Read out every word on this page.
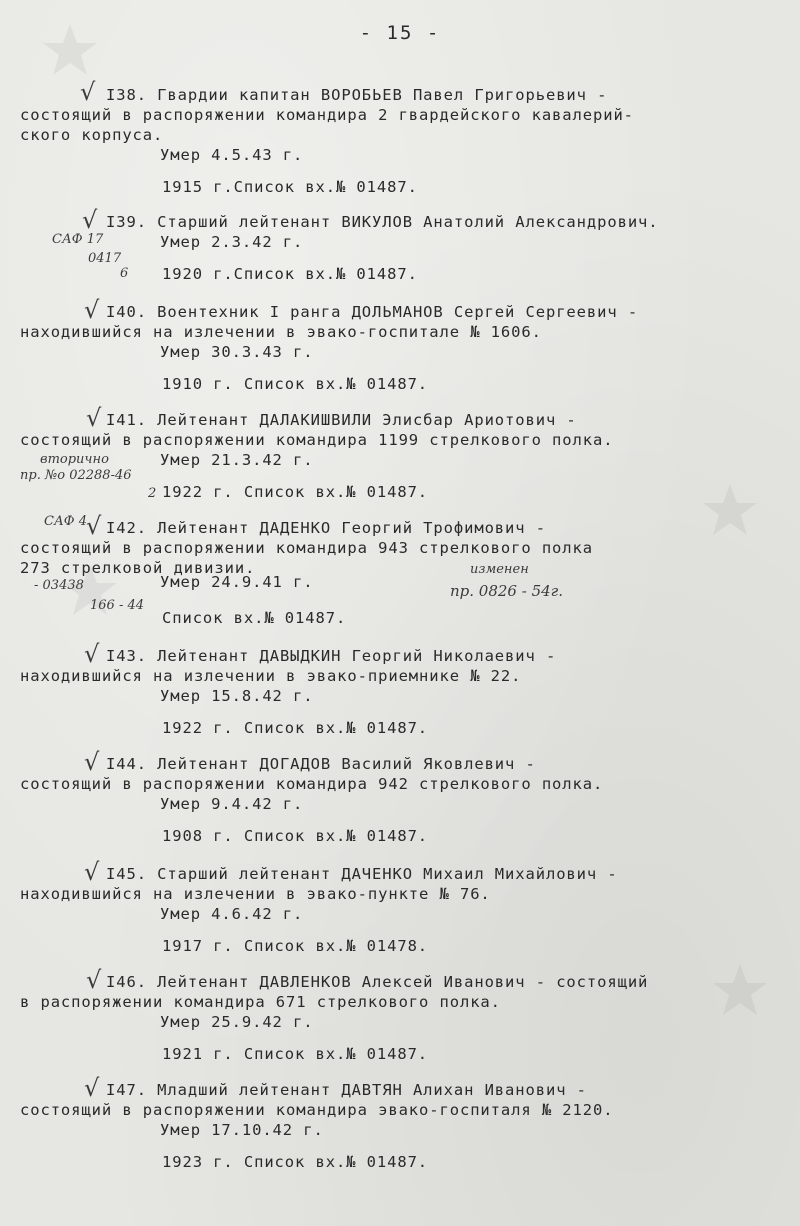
- 15 -
√ I38. Гвардии капитан ВОРОБЬЕВ Павел Григорьевич -
состоящий в распоряжении командира 2 гвардейского кавалерий-
ского корпуса.
Умер 4.5.43 г.
1915 г.Список вх.№ 01487.
√ I39. Старший лейтенант ВИКУЛОВ Анатолий Александрович.
Умер 2.3.42 г.
1920 г.Список вх.№ 01487.
САФ 17
0417
6
√ I40. Воентехник I ранга ДОЛЬМАНОВ Сергей Сергеевич -
находившийся на излечении в эвако-госпитале № 1606.
Умер 30.3.43 г.
1910 г. Список вх.№ 01487.
√ I41. Лейтенант ДАЛАКИШВИЛИ Элисбар Ариотович -
состоящий в распоряжении командира 1199 стрелкового полка.
Умер 21.3.42 г.
1922 г. Список вх.№ 01487.
вторично
пр. №о 02288-46
2
√ I42. Лейтенант ДАДЕНКО Георгий Трофимович -
состоящий в распоряжении командира 943 стрелкового полка
273 стрелковой дивизии.
Умер 24.9.41 г.
Список вх.№ 01487.
САФ 4
- 03438
166 - 44
изменен
пр. 0826 - 54г.
√ I43. Лейтенант ДАВЫДКИН Георгий Николаевич -
находившийся на излечении в эвако-приемнике № 22.
Умер 15.8.42 г.
1922 г. Список вх.№ 01487.
√ I44. Лейтенант ДОГАДОВ Василий Яковлевич -
состоящий в распоряжении командира 942 стрелкового полка.
Умер 9.4.42 г.
1908 г. Список вх.№ 01487.
√ I45. Старший лейтенант ДАЧЕНКО Михаил Михайлович -
находившийся на излечении в эвако-пункте № 76.
Умер 4.6.42 г.
1917 г. Список вх.№ 01478.
√ I46. Лейтенант ДАВЛЕНКОВ Алексей Иванович - состоящий
в распоряжении командира 671 стрелкового полка.
Умер 25.9.42 г.
1921 г. Список вх.№ 01487.
√ I47. Младший лейтенант ДАВТЯН Алихан Иванович -
состоящий в распоряжении командира эвако-госпиталя № 2120.
Умер 17.10.42 г.
1923 г. Список вх.№ 01487.
